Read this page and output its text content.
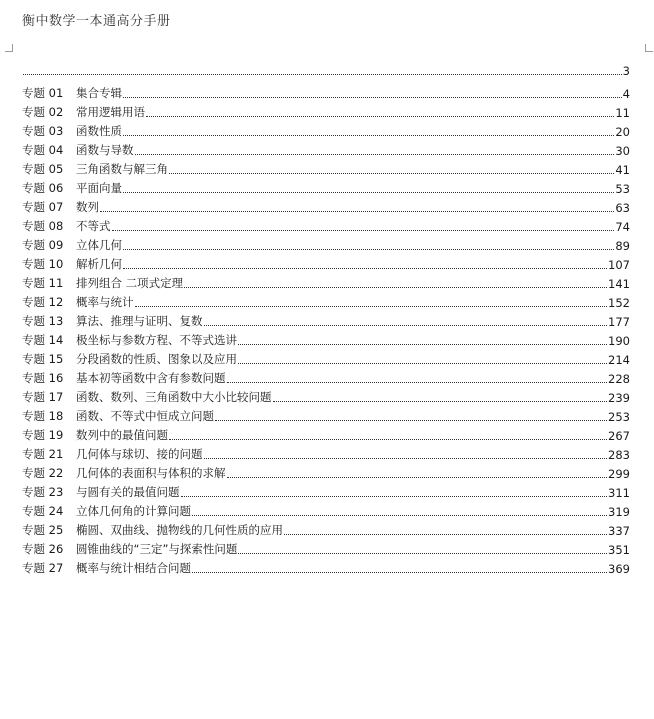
衡中数学一本通高分手册
3
专题 01	集合专辑	4
专题 02	常用逻辑用语	11
专题 03	函数性质	20
专题 04	函数与导数	30
专题 05	三角函数与解三角	41
专题 06	平面向量	53
专题 07	数列	63
专题 08	不等式	74
专题 09	立体几何	89
专题 10	解析几何	107
专题 11	排列组合 二项式定理	141
专题 12	概率与统计	152
专题 13	算法、推理与证明、复数	177
专题 14	极坐标与参数方程、不等式选讲	190
专题 15	分段函数的性质、图象以及应用	214
专题 16	基本初等函数中含有参数问题	228
专题 17	函数、数列、三角函数中大小比较问题	239
专题 18	函数、不等式中恒成立问题	253
专题 19	数列中的最值问题	267
专题 21	几何体与球切、接的问题	283
专题 22	几何体的表面积与体积的求解	299
专题 23	与圆有关的最值问题	311
专题 24	立体几何角的计算问题	319
专题 25	椭圆、双曲线、抛物线的几何性质的应用	337
专题 26	圆锥曲线的“三定”与探索性问题	351
专题 27	概率与统计相结合问题	369
